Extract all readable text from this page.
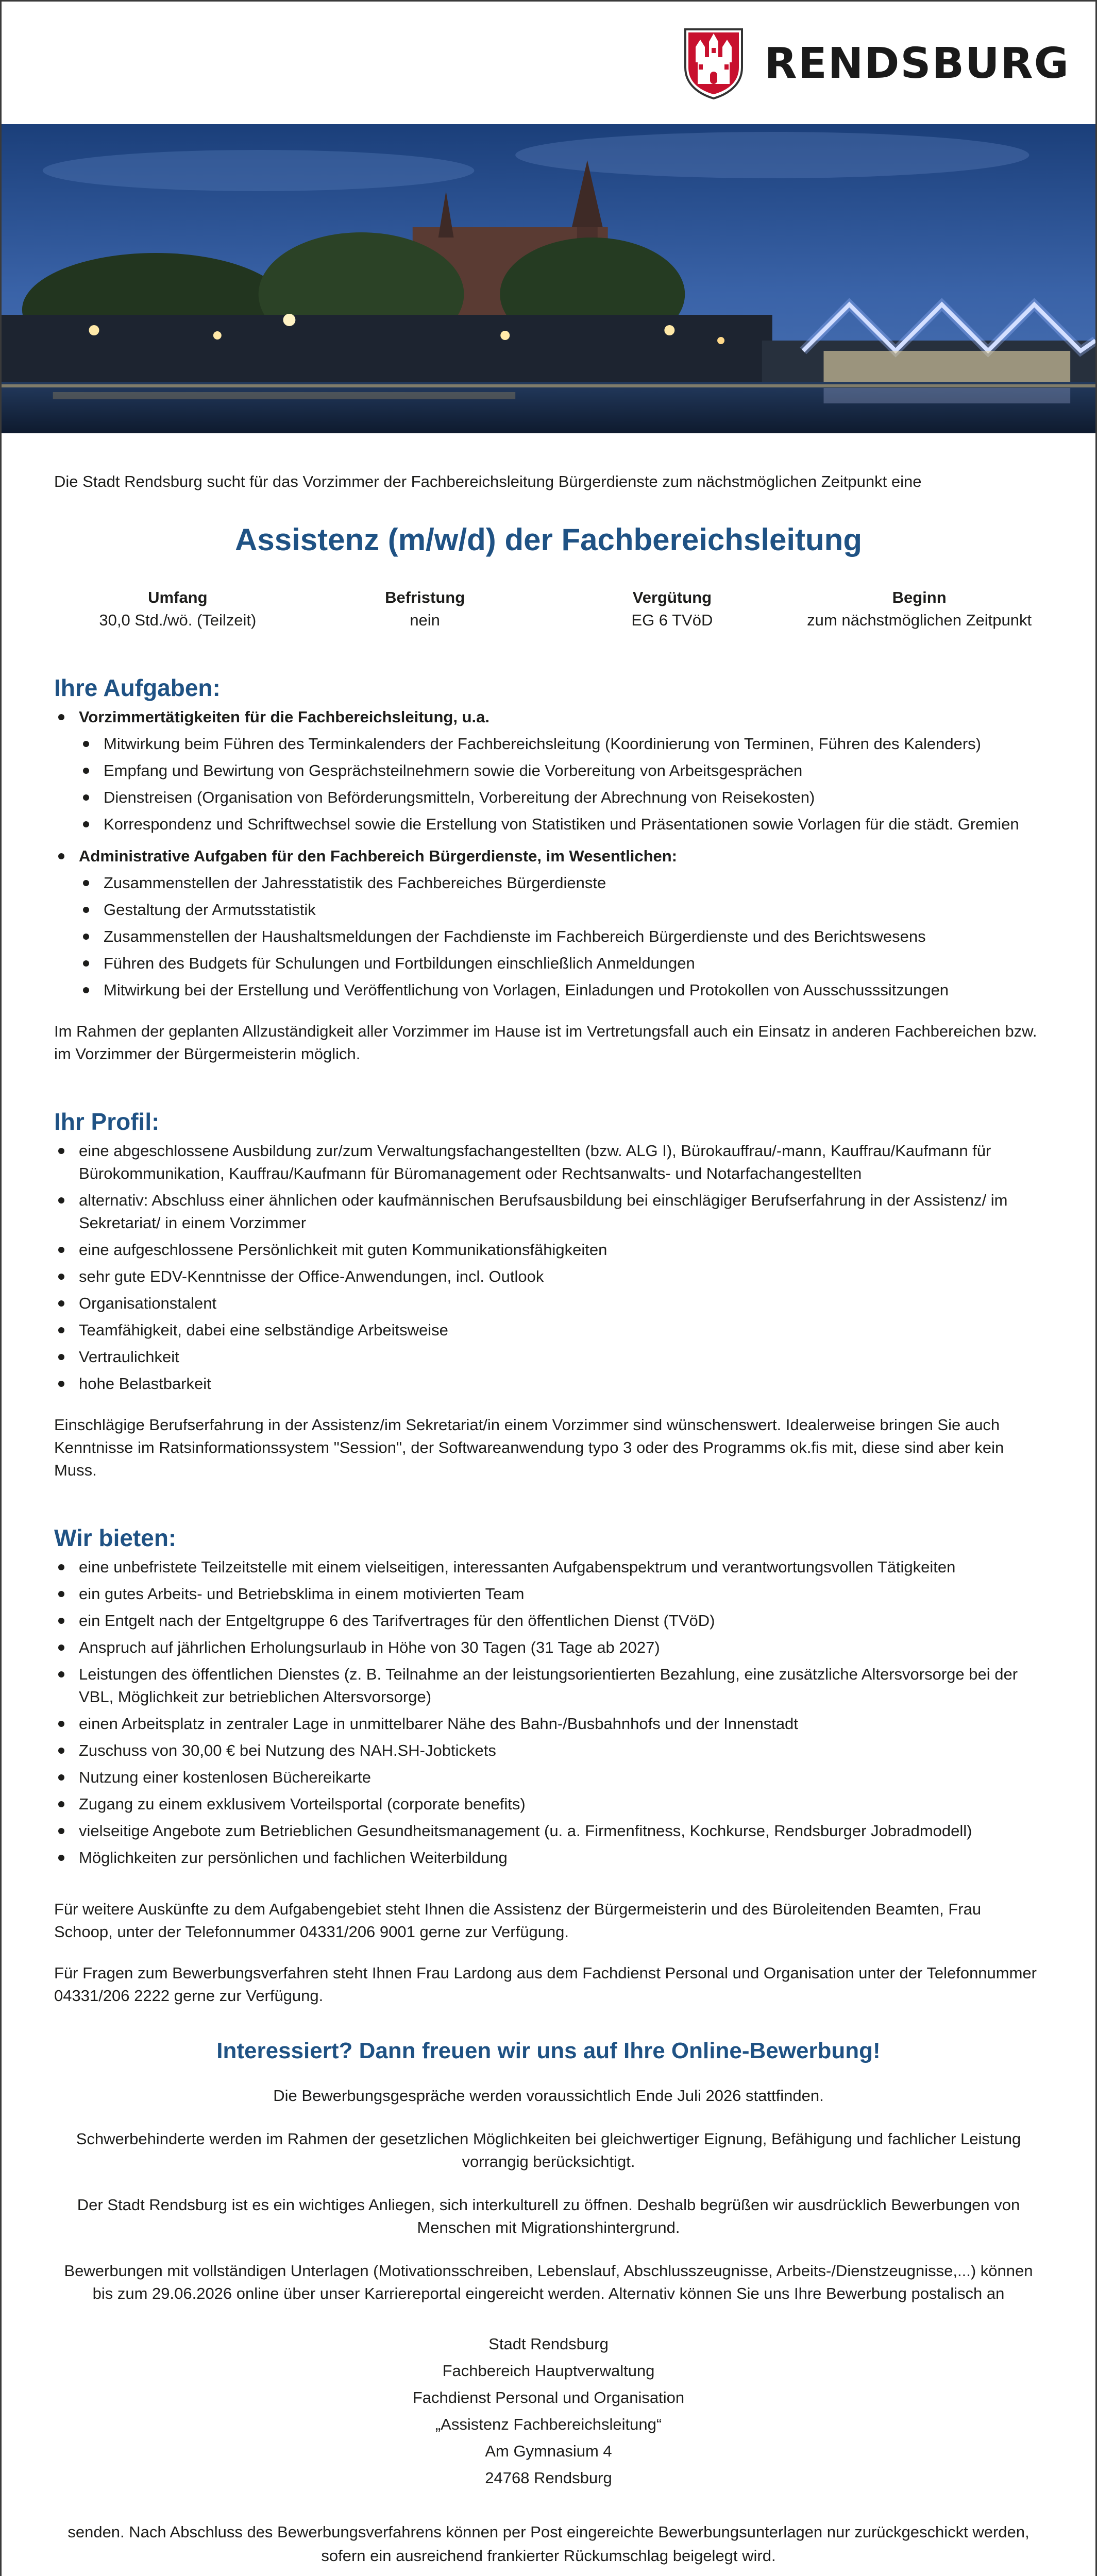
RENDSBURG
Die Stadt Rendsburg sucht für das Vorzimmer der Fachbereichsleitung Bürgerdienste zum nächstmöglichen Zeitpunkt eine
Assistenz (m/w/d) der Fachbereichsleitung
Umfang
30,0 Std./wö. (Teilzeit)
Befristung
nein
Vergütung
EG 6 TVöD
Beginn
zum nächstmöglichen Zeitpunkt
Ihre Aufgaben:
Vorzimmertätigkeiten für die Fachbereichsleitung, u.a.
Mitwirkung beim Führen des Terminkalenders der Fachbereichsleitung (Koordinierung von Terminen, Führen des Kalenders)
Empfang und Bewirtung von Gesprächsteilnehmern sowie die Vorbereitung von Arbeitsgesprächen
Dienstreisen (Organisation von Beförderungsmitteln, Vorbereitung der Abrechnung von Reisekosten)
Korrespondenz und Schriftwechsel sowie die Erstellung von Statistiken und Präsentationen sowie Vorlagen für die städt. Gremien
Administrative Aufgaben für den Fachbereich Bürgerdienste, im Wesentlichen:
Zusammenstellen der Jahresstatistik des Fachbereiches Bürgerdienste
Gestaltung der Armutsstatistik
Zusammenstellen der Haushaltsmeldungen der Fachdienste im Fachbereich Bürgerdienste und des Berichtswesens
Führen des Budgets für Schulungen und Fortbildungen einschließlich Anmeldungen
Mitwirkung bei der Erstellung und Veröffentlichung von Vorlagen, Einladungen und Protokollen von Ausschusssitzungen
Im Rahmen der geplanten Allzuständigkeit aller Vorzimmer im Hause ist im Vertretungsfall auch ein Einsatz in anderen Fachbereichen bzw. im Vorzimmer der Bürgermeisterin möglich.
Ihr Profil:
eine abgeschlossene Ausbildung zur/zum Verwaltungsfachangestellten (bzw. ALG I), Bürokauffrau/-mann, Kauffrau/Kaufmann für Bürokommunikation, Kauffrau/Kaufmann für Büromanagement oder Rechtsanwalts- und Notarfachangestellten
alternativ: Abschluss einer ähnlichen oder kaufmännischen Berufsausbildung bei einschlägiger Berufserfahrung in der Assistenz/ im Sekretariat/ in einem Vorzimmer
eine aufgeschlossene Persönlichkeit mit guten Kommunikationsfähigkeiten
sehr gute EDV-Kenntnisse der Office-Anwendungen, incl. Outlook
Organisationstalent
Teamfähigkeit, dabei eine selbständige Arbeitsweise
Vertraulichkeit
hohe Belastbarkeit
Einschlägige Berufserfahrung in der Assistenz/im Sekretariat/in einem Vorzimmer sind wünschenswert. Idealerweise bringen Sie auch Kenntnisse im Ratsinformationssystem "Session", der Softwareanwendung typo 3 oder des Programms ok.fis mit, diese sind aber kein Muss.
Wir bieten:
eine unbefristete Teilzeitstelle mit einem vielseitigen, interessanten Aufgabenspektrum und verantwortungsvollen Tätigkeiten
ein gutes Arbeits- und Betriebsklima in einem motivierten Team
ein Entgelt nach der Entgeltgruppe 6 des Tarifvertrages für den öffentlichen Dienst (TVöD)
Anspruch auf jährlichen Erholungsurlaub in Höhe von 30 Tagen (31 Tage ab 2027)
Leistungen des öffentlichen Dienstes (z. B. Teilnahme an der leistungsorientierten Bezahlung, eine zusätzliche Altersvorsorge bei der VBL, Möglichkeit zur betrieblichen Altersvorsorge)
einen Arbeitsplatz in zentraler Lage in unmittelbarer Nähe des Bahn-/Busbahnhofs und der Innenstadt
Zuschuss von 30,00 € bei Nutzung des NAH.SH-Jobtickets
Nutzung einer kostenlosen Büchereikarte
Zugang zu einem exklusivem Vorteilsportal (corporate benefits)
vielseitige Angebote zum Betrieblichen Gesundheitsmanagement (u. a. Firmenfitness, Kochkurse, Rendsburger Jobradmodell)
Möglichkeiten zur persönlichen und fachlichen Weiterbildung
Für weitere Auskünfte zu dem Aufgabengebiet steht Ihnen die Assistenz der Bürgermeisterin und des Büroleitenden Beamten, Frau Schoop, unter der Telefonnummer 04331/206 9001 gerne zur Verfügung.
Für Fragen zum Bewerbungsverfahren steht Ihnen Frau Lardong aus dem Fachdienst Personal und Organisation unter der Telefonnummer 04331/206 2222 gerne zur Verfügung.
Interessiert? Dann freuen wir uns auf Ihre Online-Bewerbung!
Die Bewerbungsgespräche werden voraussichtlich Ende Juli 2026 stattfinden.
Schwerbehinderte werden im Rahmen der gesetzlichen Möglichkeiten bei gleichwertiger Eignung, Befähigung und fachlicher Leistung vorrangig berücksichtigt.
Der Stadt Rendsburg ist es ein wichtiges Anliegen, sich interkulturell zu öffnen. Deshalb begrüßen wir ausdrücklich Bewerbungen von Menschen mit Migrationshintergrund.
Bewerbungen mit vollständigen Unterlagen (Motivationsschreiben, Lebenslauf, Abschlusszeugnisse, Arbeits-/Dienstzeugnisse,...) können bis zum 29.06.2026 online über unser Karriereportal eingereicht werden. Alternativ können Sie uns Ihre Bewerbung postalisch an
Stadt Rendsburg
Fachbereich Hauptverwaltung
Fachdienst Personal und Organisation
„Assistenz Fachbereichsleitung“
Am Gymnasium 4
24768 Rendsburg
senden. Nach Abschluss des Bewerbungsverfahrens können per Post eingereichte Bewerbungsunterlagen nur zurückgeschickt werden, sofern ein ausreichend frankierter Rückumschlag beigelegt wird.
